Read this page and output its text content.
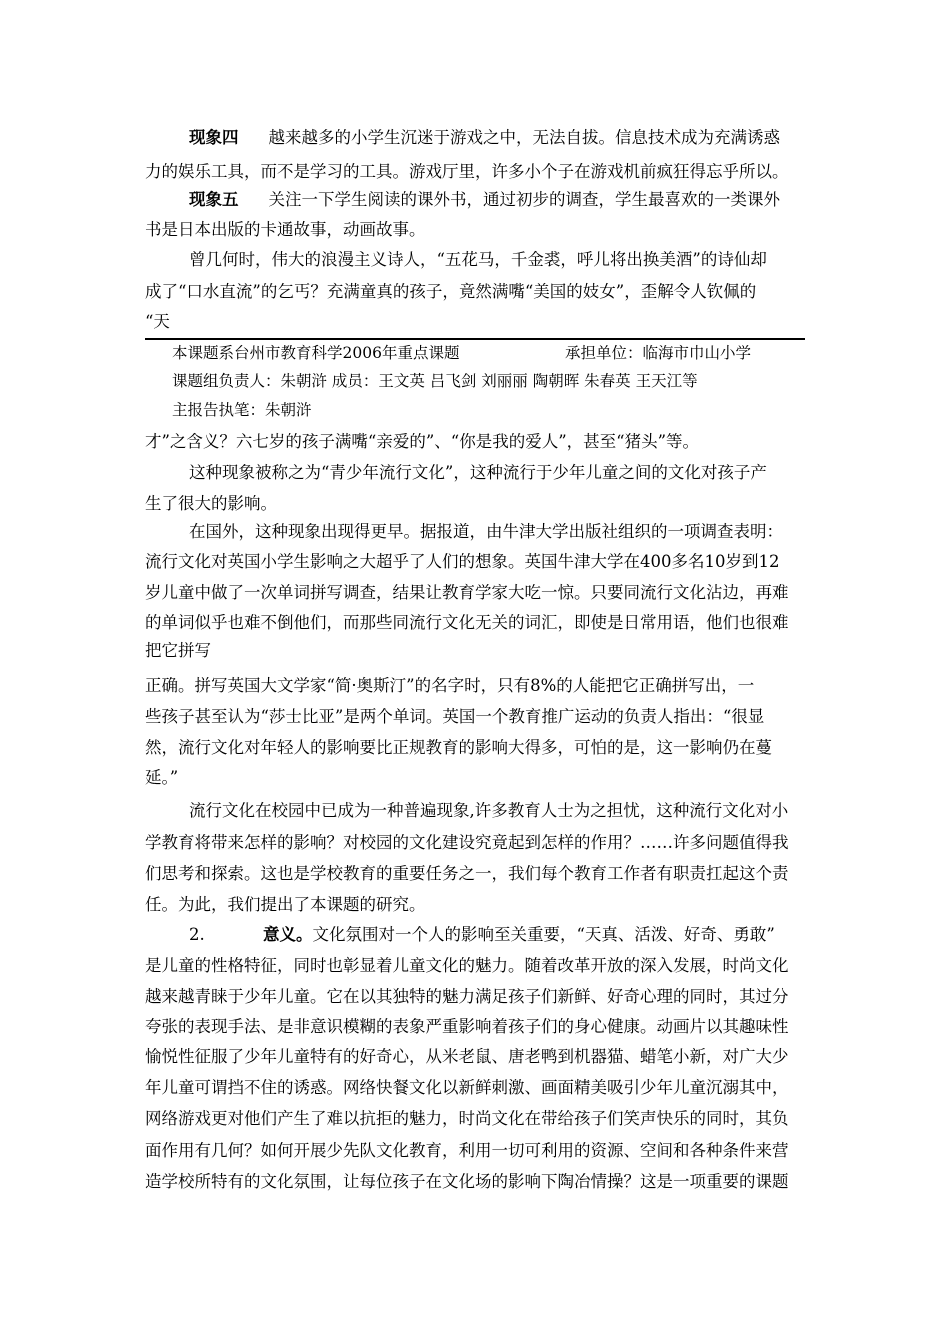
现象四 越来越多的小学生沉迷于游戏之中，无法自拔。信息技术成为充满诱惑
力的娱乐工具，而不是学习的工具。游戏厅里，许多小个子在游戏机前疯狂得忘乎所以。
现象五 关注一下学生阅读的课外书，通过初步的调查，学生最喜欢的一类课外
书是日本出版的卡通故事，动画故事。
曾几何时，伟大的浪漫主义诗人，“五花马，千金裘，呼儿将出换美酒”的诗仙却
成了“口水直流”的乞丐？充满童真的孩子，竟然满嘴“美国的妓女”，歪解令人钦佩的
“天
本课题系台州市教育科学2006年重点课题	承担单位：临海市巾山小学
课题组负责人：朱朝浒 成员：王文英 吕飞剑 刘丽丽 陶朝晖 朱春英 王天江等
主报告执笔：朱朝浒
才”之含义？六七岁的孩子满嘴“亲爱的”、“你是我的爱人”，甚至“猪头”等。
这种现象被称之为“青少年流行文化”，这种流行于少年儿童之间的文化对孩子产
生了很大的影响。
在国外，这种现象出现得更早。据报道，由牛津大学出版社组织的一项调查表明：
流行文化对英国小学生影响之大超乎了人们的想象。英国牛津大学在400多名10岁到12
岁儿童中做了一次单词拼写调查，结果让教育学家大吃一惊。只要同流行文化沾边，再难
的单词似乎也难不倒他们，而那些同流行文化无关的词汇，即使是日常用语，他们也很难
把它拼写
正确。拼写英国大文学家“简·奥斯汀”的名字时，只有8%的人能把它正确拼写出，一
些孩子甚至认为“莎士比亚”是两个单词。英国一个教育推广运动的负责人指出：“很显
然，流行文化对年轻人的影响要比正规教育的影响大得多，可怕的是，这一影响仍在蔓
延。”
流行文化在校园中已成为一种普遍现象,许多教育人士为之担忧，这种流行文化对小
学教育将带来怎样的影响？对校园的文化建设究竟起到怎样的作用？……许多问题值得我
们思考和探索。这也是学校教育的重要任务之一，我们每个教育工作者有职责扛起这个责
任。为此，我们提出了本课题的研究。
2.	意义。文化氛围对一个人的影响至关重要，“天真、活泼、好奇、勇敢”
是儿童的性格特征，同时也彰显着儿童文化的魅力。随着改革开放的深入发展，时尚文化
越来越青睐于少年儿童。它在以其独特的魅力满足孩子们新鲜、好奇心理的同时，其过分
夸张的表现手法、是非意识模糊的表象严重影响着孩子们的身心健康。动画片以其趣味性
愉悦性征服了少年儿童特有的好奇心，从米老鼠、唐老鸭到机器猫、蜡笔小新，对广大少
年儿童可谓挡不住的诱惑。网络快餐文化以新鲜刺激、画面精美吸引少年儿童沉溺其中，
网络游戏更对他们产生了难以抗拒的魅力，时尚文化在带给孩子们笑声快乐的同时，其负
面作用有几何？如何开展少先队文化教育，利用一切可利用的资源、空间和各种条件来营
造学校所特有的文化氛围，让每位孩子在文化场的影响下陶冶情操？这是一项重要的课题
